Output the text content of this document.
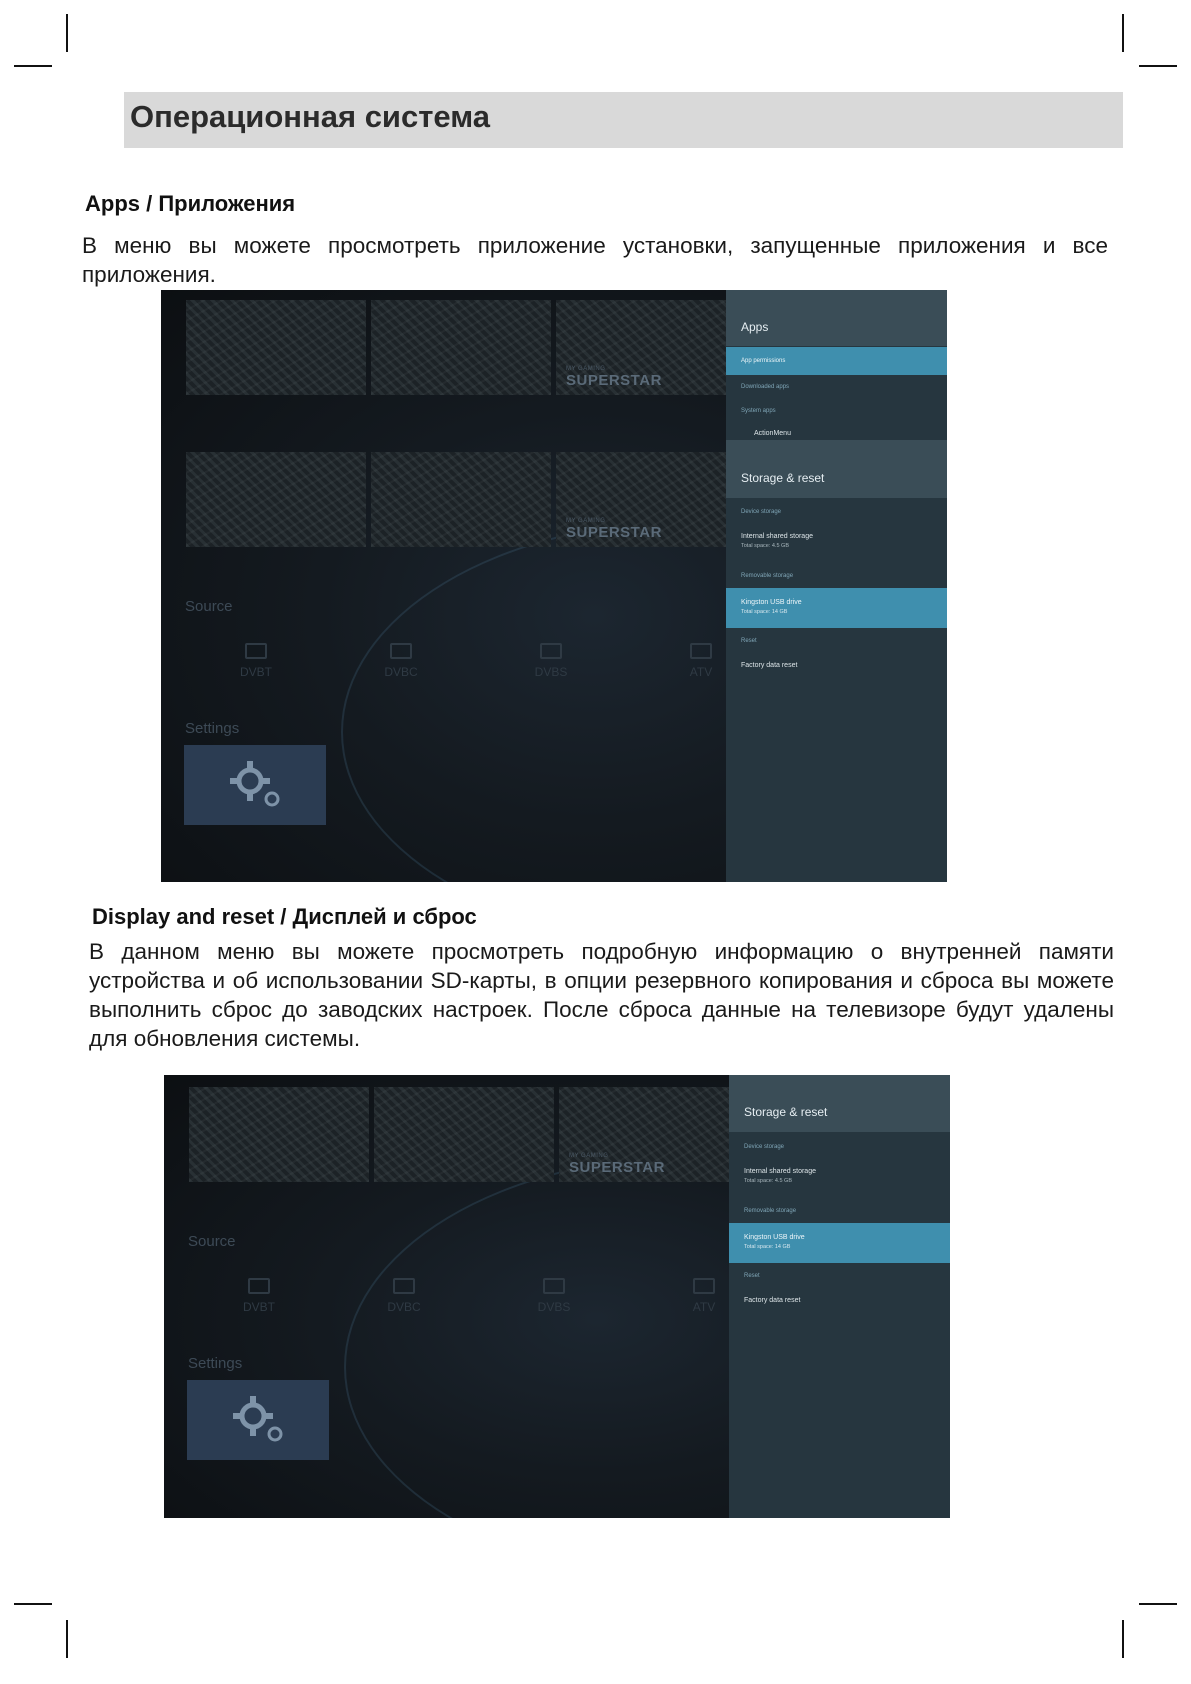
Операционная система
Apps / Приложения

В меню вы можете просмотреть приложение установки, запущенные приложения и все приложения.

MY GAMING
SUPERSTAR
MY GAMING
SUPERSTAR
Source
DVBT	DVBC	DVBS	ATV
Settings
Apps
App permissions
Downloaded apps
System apps
ActionMenu
Storage & reset
Device storage
Internal shared storage
Total space: 4.5 GB
Removable storage
Kingston USB drive
Total space: 14 GB
Reset
Factory data reset
Display and reset / Дисплей и сброс

В данном меню вы можете просмотреть подробную информацию о внутренней памяти устройства и об использовании SD-карты, в опции резервного копирования и сброса вы можете выполнить сброс до заводских настроек. После сброса данные на телевизоре будут удалены для обновления системы.

MY GAMING
SUPERSTAR
Source
DVBT	DVBC	DVBS	ATV
Settings
Storage & reset
Device storage
Internal shared storage
Total space: 4.5 GB
Removable storage
Kingston USB drive
Total space: 14 GB
Reset
Factory data reset
